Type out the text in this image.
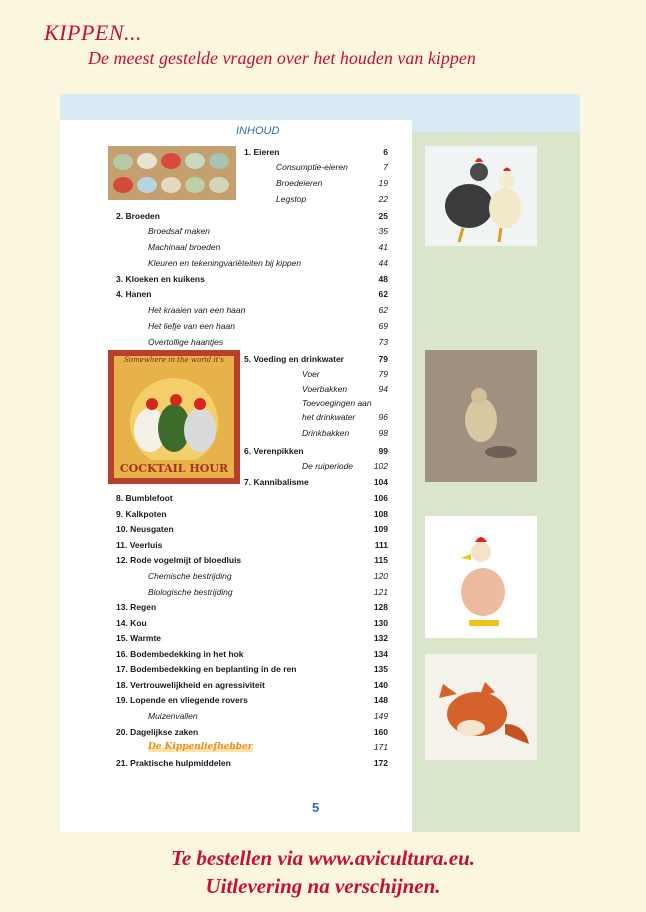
KIPPEN...
De meest gestelde vragen over het houden van kippen
INHOUD
Somewhere in the world it's
COCKTAIL HOUR
1. Eieren	6
Consumptie-eieren	7
Broedeieren	19
Legstop	22
2. Broeden	25
Broedsaf maken	35
Machinaal broeden	41
Kleuren en tekeningvariëteiten bij kippen	44
3. Kloeken en kuikens	48
4. Hanen	62
Het kraaien van een haan	62
Het liefje van een haan	69
Overtollige haantjes	73
5. Voeding en drinkwater	79
Voer	79
Voerbakken	94
Toevoegingen aan
het drinkwater	96
Drinkbakken	98
6. Verenpikken	99
De ruiperiode	102
7. Kannibalisme	104
8. Bumblefoot	106
9. Kalkpoten	108
10. Neusgaten	109
11. Veerluis	111
12. Rode vogelmijt of bloedluis	115
Chemische bestrijding	120
Biologische bestrijding	121
13. Regen	128
14. Kou	130
15. Warmte	132
16. Bodembedekking in het hok	134
17. Bodembedekking en beplanting in de ren	135
18. Vertrouwelijkheid en agressiviteit	140
19. Lopende en vliegende rovers	148
Muizenvallen	149
20. Dagelijkse zaken	160
De Kippenliefhebber	171
21. Praktische hulpmiddelen	172
5
Te bestellen via www.avicultura.eu.
Uitlevering na verschijnen.
